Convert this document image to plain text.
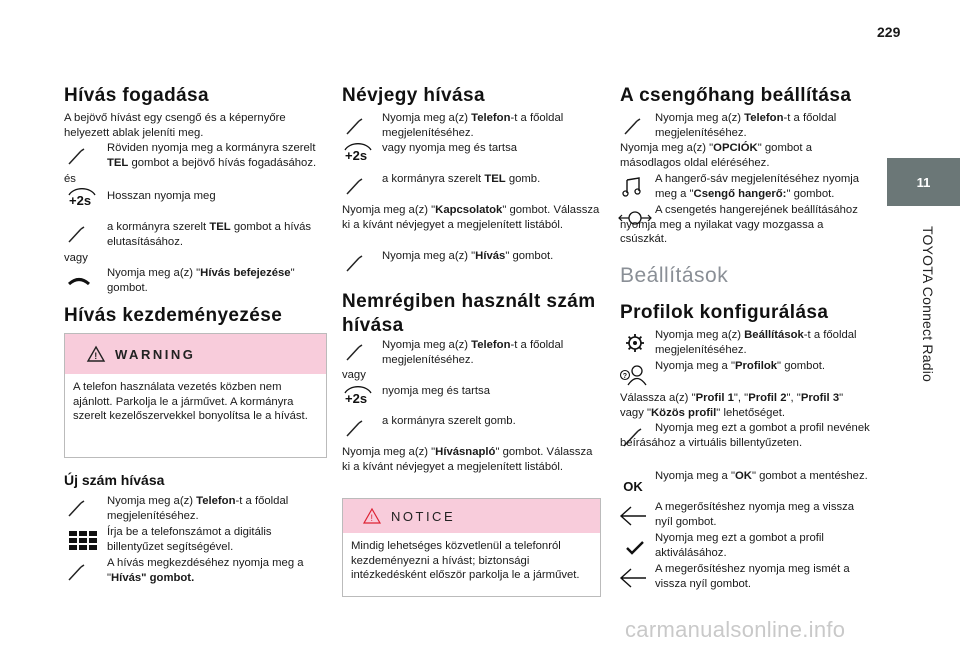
229
11
TOYOTA Connect Radio
Hívás fogadása
A bejövő hívást egy csengő és a képernyőre helyezett ablak jeleníti meg.
Röviden nyomja meg a kormányra szerelt TEL gombot a bejövő hívás fogadásához.
és
+2s Hosszan nyomja meg
a kormányra szerelt TEL gombot a hívás elutasításához.
vagy
Nyomja meg a(z) "Hívás befejezése" gombot.
Hívás kezdeményezése
! WARNING
A telefon használata vezetés közben nem ajánlott. Parkolja le a járművet. A kormányra szerelt kezelőszervekkel bonyolítsa le a hívást.
Új szám hívása
Nyomja meg a(z) Telefon-t a főoldal megjelenítéséhez.
Írja be a telefonszámot a digitális billentyűzet segítségével.
A hívás megkezdéséhez nyomja meg a "Hívás" gombot.
Névjegy hívása
Nyomja meg a(z) Telefon-t a főoldal megjelenítéséhez.
+2s vagy nyomja meg és tartsa
a kormányra szerelt TEL gomb.
Nyomja meg a(z) "Kapcsolatok" gombot. Válassza ki a kívánt névjegyet a megjelenített listából.
Nyomja meg a(z) "Hívás" gombot.
Nemrégiben használt szám hívása
Nyomja meg a(z) Telefon-t a főoldal megjelenítéséhez.
vagy
+2s nyomja meg és tartsa
a kormányra szerelt gomb.
Nyomja meg a(z) "Hívásnapló" gombot. Válassza ki a kívánt névjegyet a megjelenített listából.
! NOTICE
Mindig lehetséges közvetlenül a telefonról kezdeményezni a hívást; biztonsági intézkedésként először parkolja le a járművet.
A csengőhang beállítása
Nyomja meg a(z) Telefon-t a főoldal megjelenítéséhez.
Nyomja meg a(z) "OPCIÓK" gombot a másodlagos oldal eléréséhez.
A hangerő-sáv megjelenítéséhez nyomja meg a "Csengő hangerő:" gombot.
A csengetés hangerejének beállításához nyomja meg a nyilakat vagy mozgassa a csúszkát.
Beállítások
Profilok konfigurálása
Nyomja meg a(z) Beállítások-t a főoldal megjelenítéséhez.
?
Nyomja meg a "Profilok" gombot.
Válassza a(z) "Profil 1", "Profil 2", "Profil 3" vagy "Közös profil" lehetőséget.
Nyomja meg ezt a gombot a profil nevének beírásához a virtuális billentyűzeten.
OK
Nyomja meg a "OK" gombot a mentéshez.
A megerősítéshez nyomja meg a vissza nyíl gombot.
Nyomja meg ezt a gombot a profil aktiválásához.
A megerősítéshez nyomja meg ismét a vissza nyíl gombot.
carmanualsonline.info
